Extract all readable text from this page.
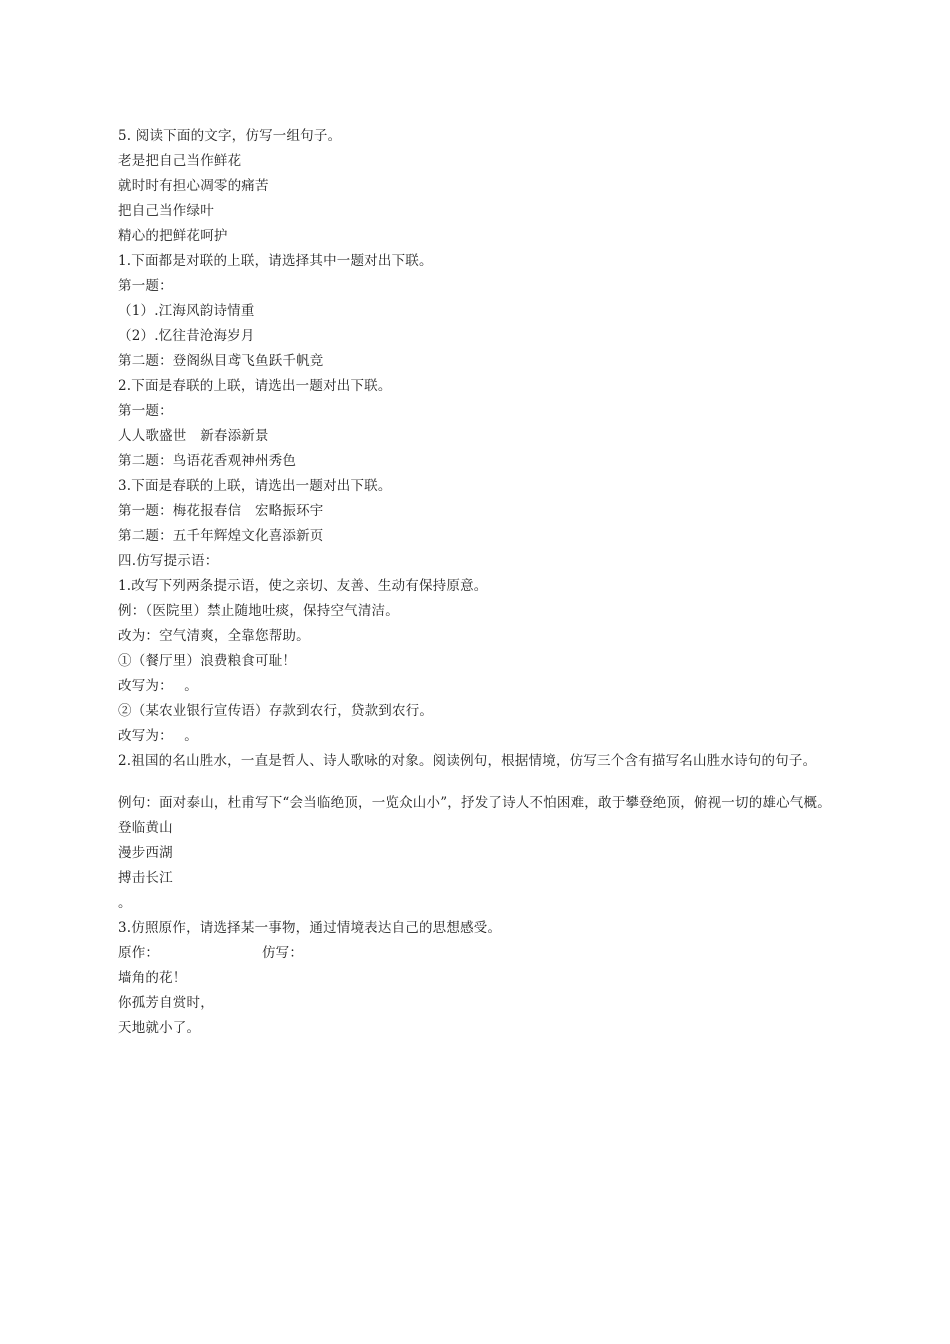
5. 阅读下面的文字，仿写一组句子。
老是把自己当作鲜花
就时时有担心凋零的痛苦
把自己当作绿叶
精心的把鲜花呵护
1.下面都是对联的上联，请选择其中一题对出下联。
第一题：
（1）.江海风韵诗情重
（2）.忆往昔沧海岁月
第二题：登阁纵目鸢飞鱼跃千帆竞
2.下面是春联的上联，请选出一题对出下联。
第一题：
人人歌盛世　新春添新景
第二题：鸟语花香观神州秀色
3.下面是春联的上联，请选出一题对出下联。
第一题：梅花报春信　宏略振环宇
第二题：五千年辉煌文化喜添新页
四.仿写提示语：
1.改写下列两条提示语，使之亲切、友善、生动有保持原意。
例：（医院里）禁止随地吐痰，保持空气清洁。
改为：空气清爽，全靠您帮助。
①（餐厅里）浪费粮食可耻！
改写为：　 。
②（某农业银行宣传语）存款到农行，贷款到农行。
改写为：　 。
2.祖国的名山胜水，一直是哲人、诗人歌咏的对象。阅读例句，根据情境，仿写三个含有描写名山胜水诗句的句子。
例句：面对泰山，杜甫写下“会当临绝顶，一览众山小”，抒发了诗人不怕困难，敢于攀登绝顶，俯视一切的雄心气概。
登临黄山
漫步西湖
搏击长江
。
3.仿照原作，请选择某一事物，通过情境表达自己的思想感受。
原作：　　　　　　　　仿写：
墙角的花！
你孤芳自赏时，
天地就小了。
